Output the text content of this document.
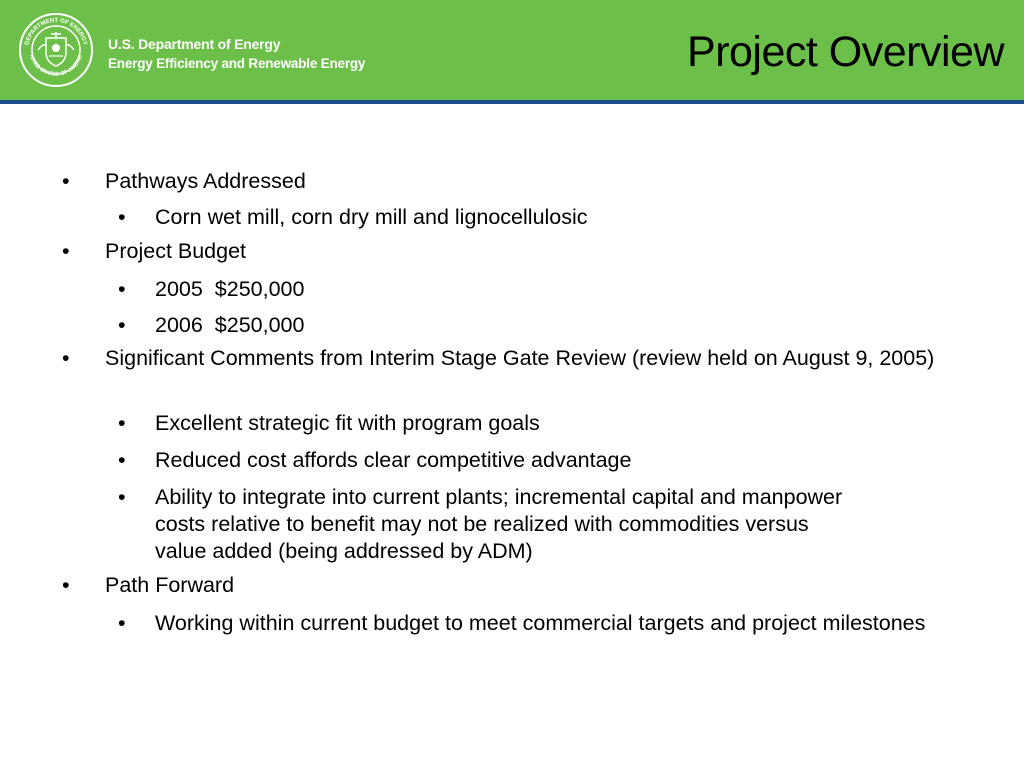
DEPARTMENT OF ENERGY
NITED STATES OF AMERIC
U.S. Department of Energy
Energy Efficiency and Renewable Energy	Project Overview
•	Pathways Addressed
•	Corn wet mill, corn dry mill and lignocellulosic
•	Project Budget
•	2005  $250,000
•	2006  $250,000
•	Significant Comments from Interim Stage Gate Review (review held on August 9, 2005)
•	Excellent strategic fit with program goals
•	Reduced cost affords clear competitive advantage
•	Ability to integrate into current plants; incremental capital and manpower costs relative to benefit may not be realized with commodities versus value added (being addressed by ADM)
•	Path Forward
•	Working within current budget to meet commercial targets and project milestones
